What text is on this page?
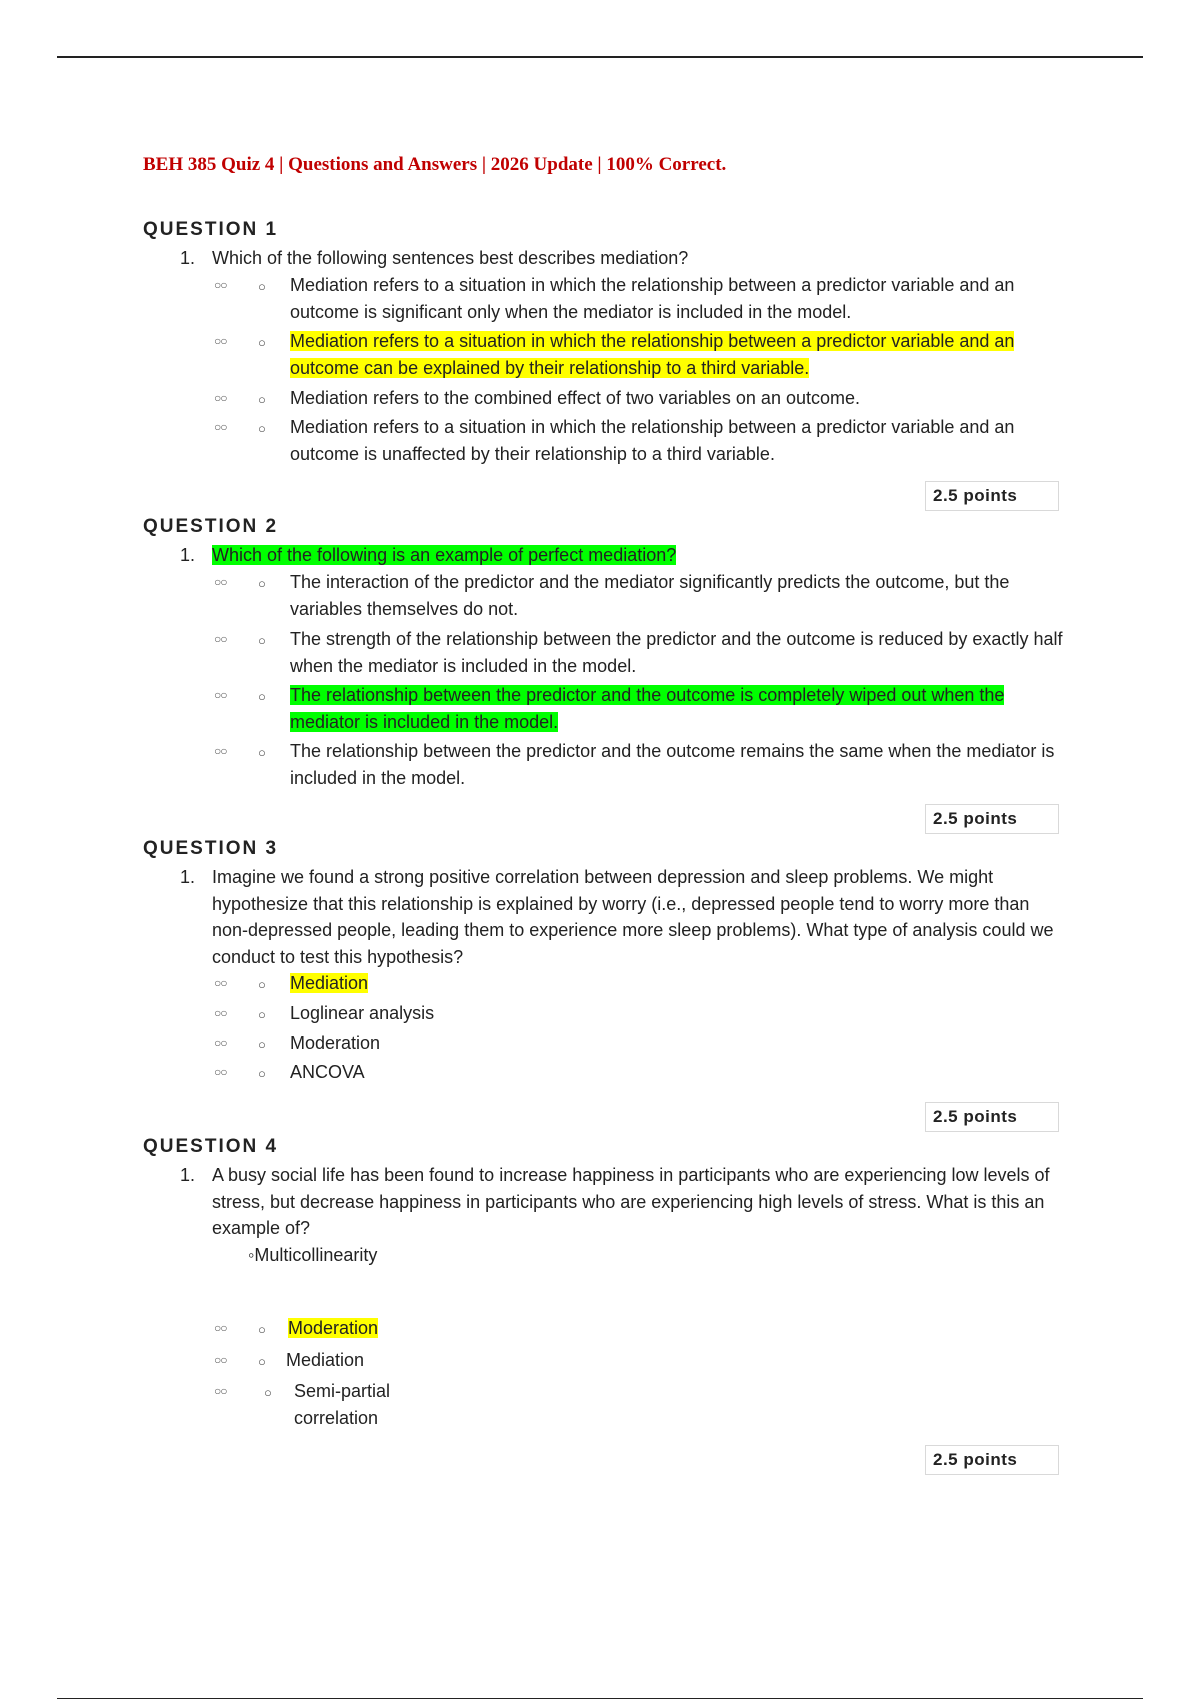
BEH 385 Quiz 4 | Questions and Answers | 2026 Update | 100% Correct.
QUESTION 1
1. Which of the following sentences best describes mediation?
○○ ○ Mediation refers to a situation in which the relationship between a predictor variable and an outcome is significant only when the mediator is included in the model.
○○ ○ Mediation refers to a situation in which the relationship between a predictor variable and an outcome can be explained by their relationship to a third variable.
○○ ○ Mediation refers to the combined effect of two variables on an outcome.
○○ ○ Mediation refers to a situation in which the relationship between a predictor variable and an outcome is unaffected by their relationship to a third variable.
2.5 points
QUESTION 2
1. Which of the following is an example of perfect mediation?
○○ ○ The interaction of the predictor and the mediator significantly predicts the outcome, but the variables themselves do not.
○○ ○ The strength of the relationship between the predictor and the outcome is reduced by exactly half when the mediator is included in the model.
○○ ○ The relationship between the predictor and the outcome is completely wiped out when the mediator is included in the model.
○○ ○ The relationship between the predictor and the outcome remains the same when the mediator is included in the model.
2.5 points
QUESTION 3
1. Imagine we found a strong positive correlation between depression and sleep problems. We might hypothesize that this relationship is explained by worry (i.e., depressed people tend to worry more than non-depressed people, leading them to experience more sleep problems). What type of analysis could we conduct to test this hypothesis?
○○ ○ Mediation
○○ ○ Loglinear analysis
○○ ○ Moderation
○○ ○ ANCOVA
2.5 points
QUESTION 4
1. A busy social life has been found to increase happiness in participants who are experiencing low levels of stress, but decrease happiness in participants who are experiencing high levels of stress. What is this an example of?
◦Multicollinearity
○○ ○ Moderation
○○ ○ Mediation
○○	○ Semi-partial correlation
2.5 points
